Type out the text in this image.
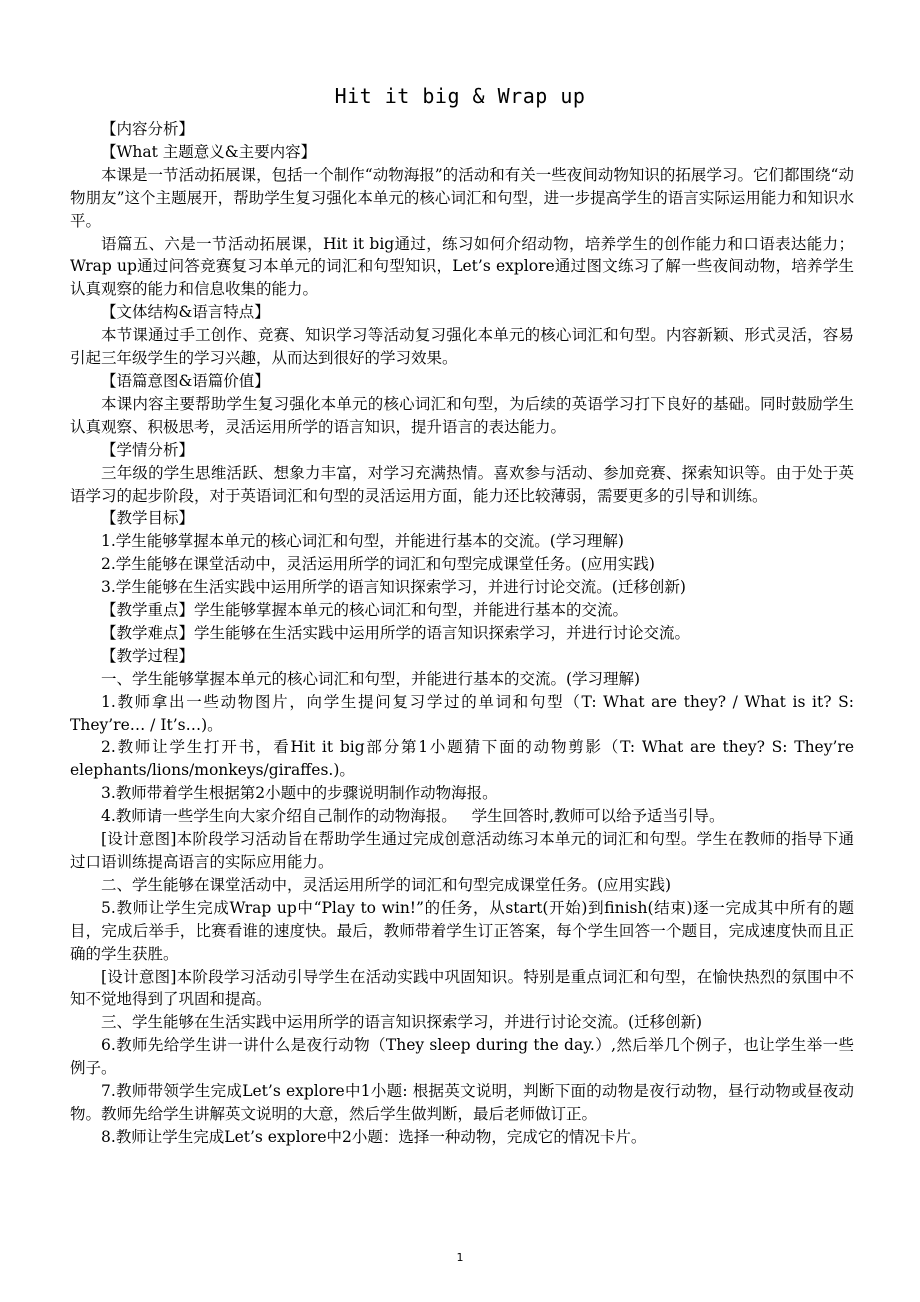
Hit it big & Wrap up

【内容分析】

【What 主题意义&主要内容】

本课是一节活动拓展课，包括一个制作“动物海报”的活动和有关一些夜间动物知识的拓展学习。它们都围绕“动物朋友”这个主题展开，帮助学生复习强化本单元的核心词汇和句型，进一步提高学生的语言实际运用能力和知识水平。

语篇五、六是一节活动拓展课，Hit it big通过，练习如何介绍动物，培养学生的创作能力和口语表达能力； Wrap up通过问答竞赛复习本单元的词汇和句型知识，Let’s explore通过图文练习了解一些夜间动物，培养学生认真观察的能力和信息收集的能力。

【文体结构&语言特点】

本节课通过手工创作、竞赛、知识学习等活动复习强化本单元的核心词汇和句型。内容新颖、形式灵活，容易引起三年级学生的学习兴趣，从而达到很好的学习效果。

【语篇意图&语篇价值】

本课内容主要帮助学生复习强化本单元的核心词汇和句型，为后续的英语学习打下良好的基础。同时鼓励学生认真观察、积极思考，灵活运用所学的语言知识，提升语言的表达能力。

【学情分析】

三年级的学生思维活跃、想象力丰富，对学习充满热情。喜欢参与活动、参加竞赛、探索知识等。由于处于英语学习的起步阶段，对于英语词汇和句型的灵活运用方面，能力还比较薄弱，需要更多的引导和训练。

【教学目标】

1.学生能够掌握本单元的核心词汇和句型，并能进行基本的交流。(学习理解)

2.学生能够在课堂活动中，灵活运用所学的词汇和句型完成课堂任务。(应用实践)

3.学生能够在生活实践中运用所学的语言知识探索学习，并进行讨论交流。(迁移创新)

【教学重点】学生能够掌握本单元的核心词汇和句型，并能进行基本的交流。

【教学难点】学生能够在生活实践中运用所学的语言知识探索学习，并进行讨论交流。

【教学过程】

一、学生能够掌握本单元的核心词汇和句型，并能进行基本的交流。(学习理解)

1.教师拿出一些动物图片，向学生提问复习学过的单词和句型（T: What are they? / What is it? S: They’re… / It’s…)。

2.教师让学生打开书，看Hit it big部分第1小题猜下面的动物剪影（T: What are they? S: They’re elephants/lions/monkeys/giraffes.)。

3.教师带着学生根据第2小题中的步骤说明制作动物海报。

4.教师请一些学生向大家介绍自己制作的动物海报。   学生回答时,教师可以给予适当引导。

[设计意图]本阶段学习活动旨在帮助学生通过完成创意活动练习本单元的词汇和句型。学生在教师的指导下通过口语训练提高语言的实际应用能力。

二、学生能够在课堂活动中，灵活运用所学的词汇和句型完成课堂任务。(应用实践)

5.教师让学生完成Wrap up中“Play to win!”的任务，从start(开始)到finish(结束)逐一完成其中所有的题目，完成后举手，比赛看谁的速度快。最后，教师带着学生订正答案，每个学生回答一个题目，完成速度快而且正确的学生获胜。

[设计意图]本阶段学习活动引导学生在活动实践中巩固知识。特别是重点词汇和句型，在愉快热烈的氛围中不知不觉地得到了巩固和提高。

三、学生能够在生活实践中运用所学的语言知识探索学习，并进行讨论交流。(迁移创新)

6.教师先给学生讲一讲什么是夜行动物（They sleep during the day.）,然后举几个例子，也让学生举一些例子。

7.教师带领学生完成Let’s explore中1小题: 根据英文说明，判断下面的动物是夜行动物，昼行动物或昼夜动物。教师先给学生讲解英文说明的大意，然后学生做判断，最后老师做订正。

8.教师让学生完成Let’s explore中2小题：选择一种动物，完成它的情况卡片。

1
